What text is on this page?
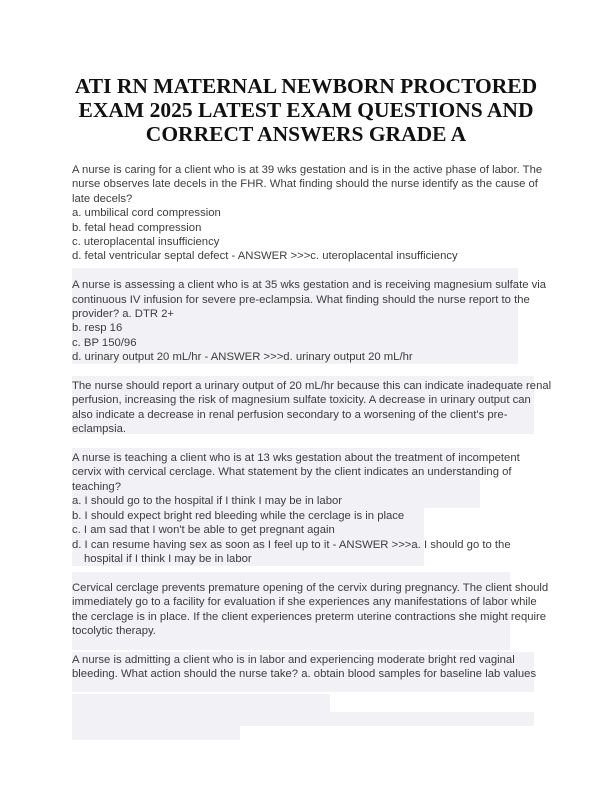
ATI RN MATERNAL NEWBORN PROCTORED EXAM 2025 LATEST EXAM QUESTIONS AND CORRECT ANSWERS GRADE A

A nurse is caring for a client who is at 39 wks gestation and is in the active phase of labor. The nurse observes late decels in the FHR. What finding should the nurse identify as the cause of late decels?
a. umbilical cord compression
b. fetal head compression
c. uteroplacental insufficiency
d. fetal ventricular septal defect - ANSWER >>>c. uteroplacental insufficiency

A nurse is assessing a client who is at 35 wks gestation and is receiving magnesium sulfate via continuous IV infusion for severe pre-eclampsia. What finding should the nurse report to the provider? a. DTR 2+
b. resp 16
c. BP 150/96
d. urinary output 20 mL/hr - ANSWER >>>d. urinary output 20 mL/hr

The nurse should report a urinary output of 20 mL/hr because this can indicate inadequate renal perfusion, increasing the risk of magnesium sulfate toxicity. A decrease in urinary output can also indicate a decrease in renal perfusion secondary to a worsening of the client's pre-eclampsia.

A nurse is teaching a client who is at 13 wks gestation about the treatment of incompetent cervix with cervical cerclage. What statement by the client indicates an understanding of teaching?
a. I should go to the hospital if I think I may be in labor
b. I should expect bright red bleeding while the cerclage is in place
c. I am sad that I won't be able to get pregnant again
d. I can resume having sex as soon as I feel up to it - ANSWER >>>a. I should go to the hospital if I think I may be in labor

Cervical cerclage prevents premature opening of the cervix during pregnancy. The client should immediately go to a facility for evaluation if she experiences any manifestations of labor while the cerclage is in place. If the client experiences preterm uterine contractions she might require tocolytic therapy.

A nurse is admitting a client who is in labor and experiencing moderate bright red vaginal bleeding. What action should the nurse take? a. obtain blood samples for baseline lab values
